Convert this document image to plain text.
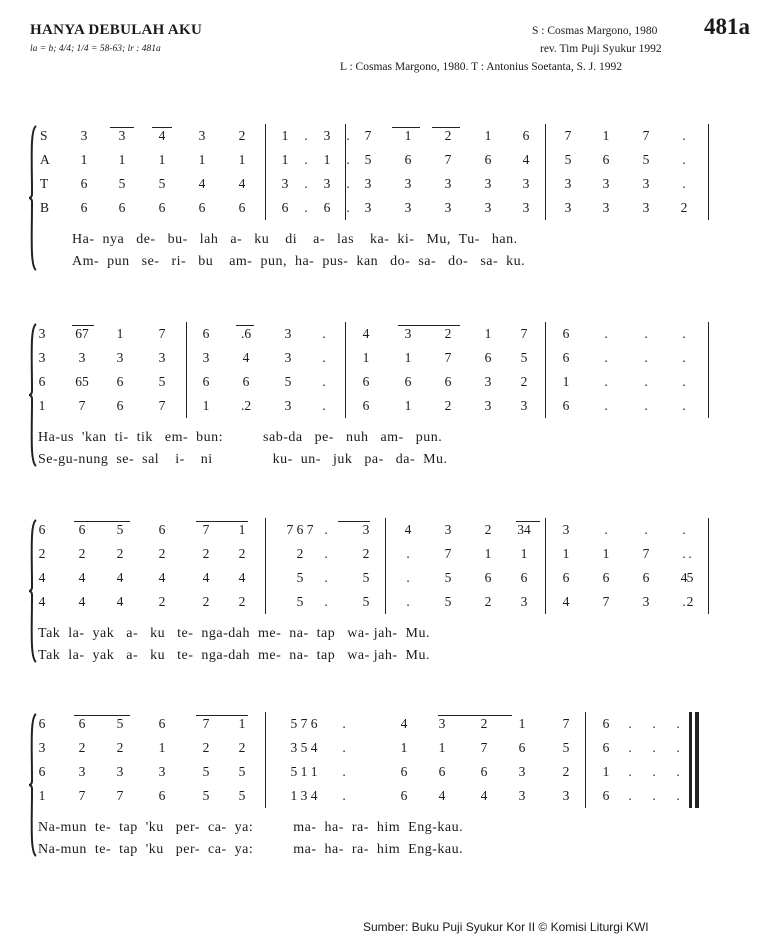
HANYA DEBULAH AKU
la = b; 4/4; 1/4 = 58-63; lr : 481a
S : Cosmas Margono, 1980
rev. Tim Puji Syukur 1992
L : Cosmas Margono, 1980. T : Antonius Soetanta, S. J. 1992
481a
S	3	3	4	3	2	1	.	3	.	7	1	2	1	6	7	1	7	.
A	1	1	1	1	1	1	.	1	.	5	6	7	6	4	5	6	5	.
T	6	5	5	4	4	3	.	3	.	3	3	3	3	3	3	3	3	.
B	6	6	6	6	6	6	.	6	.	3	3	3	3	3	3	3	3	2
Ha-  nya   de-   bu-   lah   a-   ku    di    a-   las    ka-  ki-   Mu,  Tu-   han.
Am-  pun   se-   ri-   bu    am-  pun,  ha-  pus-  kan   do-  sa-   do-   sa-  ku.
3	67	1	7	6	.6	3	.	4	3	2	1	7	6	.	.	.
3	3	3	3	3	4	3	.	1	1	7	6	5	6	.	.	.
6	65	6	5	6	6	5	.	6	6	6	3	2	1	.	.	.
1	7	6	7	1	.2	3	.	6	1	2	3	3	6	.	.	.
Ha-us  'kan  ti-  tik   em-  bun:          sab-da   pe-   nuh   am-   pun.
Se-gu-nung  se-  sal    i-    ni               ku-  un-   juk   pa-   da-  Mu.
6	6	5	6	7	1	7 6 7 .	3	4	3	2	34	3	.	.	.
2	2	2	2	2	2	2	.	2	.	7	1	1	1	1	7	. .
4	4	4	4	4	4	5	.	5	.	5	6	6	6	6	6	4 5
4	4	4	2	2	2	5	.	5	.	5	2	3	4	7	3	. 2
Tak  la-  yak   a-   ku   te-  nga-dah  me-  na-  tap   wa- jah-  Mu.
Tak  la-  yak   a-   ku   te-  nga-dah  me-  na-  tap   wa- jah-  Mu.
6	6	5	6	7	1	5 7 6	.	4	3	2	1	7	6	.	.	.
3	2	2	1	2	2	3 5 4	.	1	1	7	6	5	6	.	.	.
6	3	3	3	5	5	5 1 1	.	6	6	6	3	2	1	.	.	.
1	7	7	6	5	5	1 3 4	.	6	4	4	3	3	6	.	.	.
Na-mun  te-  tap  'ku   per-  ca-  ya:          ma-  ha-  ra-  him  Eng-kau.
Na-mun  te-  tap  'ku   per-  ca-  ya:          ma-  ha-  ra-  him  Eng-kau.
Sumber: Buku Puji Syukur Kor II © Komisi Liturgi KWI
